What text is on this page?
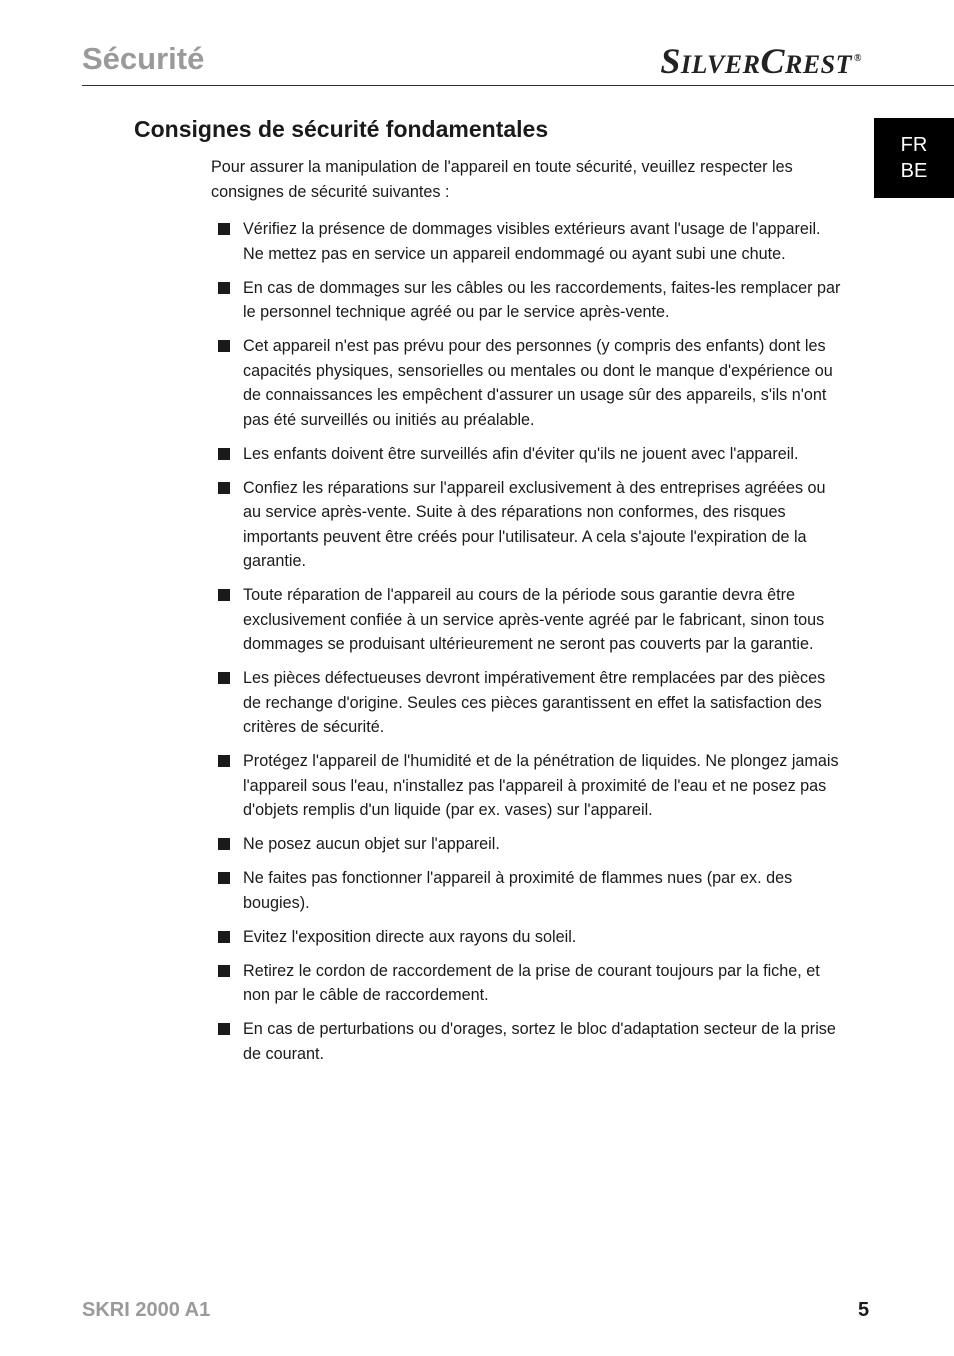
Sécurité	SILVERCREST ®
FR
BE
Consignes de sécurité fondamentales

Pour assurer la manipulation de l'appareil en toute sécurité, veuillez respecter les consignes de sécurité suivantes :

Vérifiez la présence de dommages visibles extérieurs avant l'usage de l'appareil. Ne mettez pas en service un appareil endommagé ou ayant subi une chute.
En cas de dommages sur les câbles ou les raccordements, faites-les remplacer par le personnel technique agréé ou par le service après-vente.
Cet appareil n'est pas prévu pour des personnes (y compris des enfants) dont les capacités physiques, sensorielles ou mentales ou dont le manque d'expérience ou de connaissances les empêchent d'assurer un usage sûr des appareils, s'ils n'ont pas été surveillés ou initiés au préalable.
Les enfants doivent être surveillés afin d'éviter qu'ils ne jouent avec l'appareil.
Confiez les réparations sur l'appareil exclusivement à des entreprises agréées ou au service après-vente. Suite à des réparations non conformes, des risques importants peuvent être créés pour l'utilisateur. A cela s'ajoute l'expiration de la garantie.
Toute réparation de l'appareil au cours de la période sous garantie devra être exclusivement confiée à un service après-vente agréé par le fabricant, sinon tous dommages se produisant ultérieurement ne seront pas couverts par la garantie.
Les pièces défectueuses devront impérativement être remplacées par des pièces de rechange d'origine. Seules ces pièces garantissent en effet la satisfaction des critères de sécurité.
Protégez l'appareil de l'humidité et de la pénétration de liquides. Ne plongez jamais l'appareil sous l'eau, n'installez pas l'appareil à proximité de l'eau et ne posez pas d'objets remplis d'un liquide (par ex. vases) sur l'appareil.
Ne posez aucun objet sur l'appareil.
Ne faites pas fonctionner l'appareil à proximité de flammes nues (par ex. des bougies).
Evitez l'exposition directe aux rayons du soleil.
Retirez le cordon de raccordement de la prise de courant toujours par la fiche, et non par le câble de raccordement.
En cas de perturbations ou d'orages, sortez le bloc d'adaptation secteur de la prise de courant.
SKRI 2000 A1	5
